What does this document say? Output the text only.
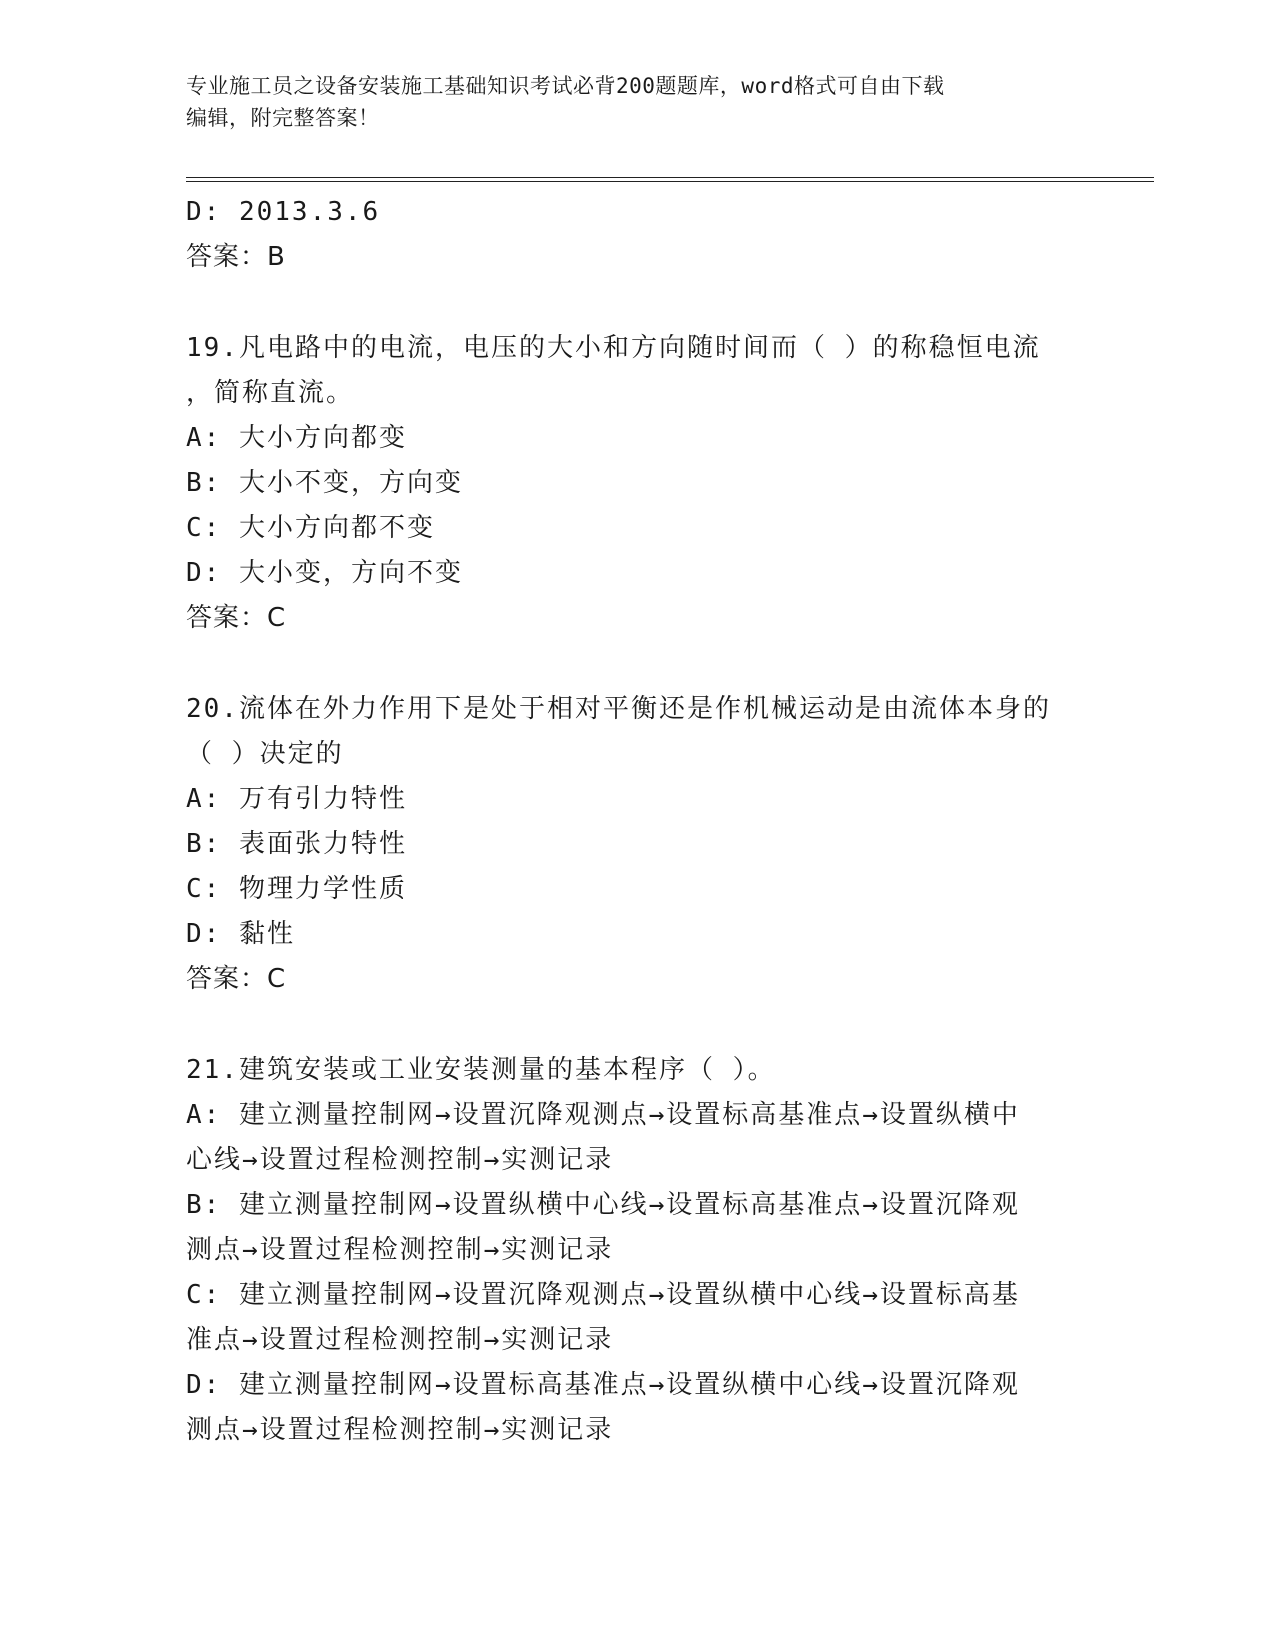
专业施工员之设备安装施工基础知识考试必背200题题库，word格式可自由下载
编辑，附完整答案！
D: 2013.3.6
答案：B
19.凡电路中的电流，电压的大小和方向随时间而（ ）的称稳恒电流
，简称直流。
A: 大小方向都变
B: 大小不变，方向变
C: 大小方向都不变
D: 大小变，方向不变
答案：C
20.流体在外力作用下是处于相对平衡还是作机械运动是由流体本身的
（ ）决定的
A: 万有引力特性
B: 表面张力特性
C: 物理力学性质
D: 黏性
答案：C
21.建筑安装或工业安装测量的基本程序（ ）。
A: 建立测量控制网→设置沉降观测点→设置标高基准点→设置纵横中
心线→设置过程检测控制→实测记录
B: 建立测量控制网→设置纵横中心线→设置标高基准点→设置沉降观
测点→设置过程检测控制→实测记录
C: 建立测量控制网→设置沉降观测点→设置纵横中心线→设置标高基
准点→设置过程检测控制→实测记录
D: 建立测量控制网→设置标高基准点→设置纵横中心线→设置沉降观
测点→设置过程检测控制→实测记录
